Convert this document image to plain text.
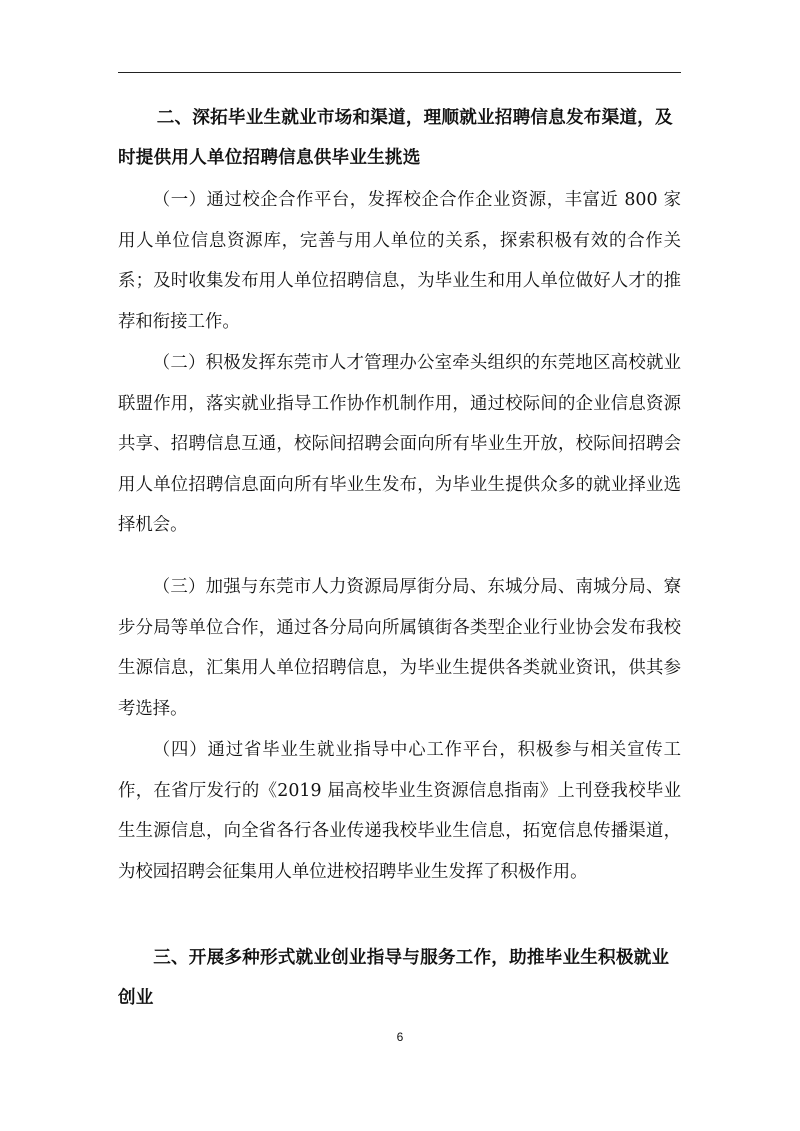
二、深拓毕业生就业市场和渠道，理顺就业招聘信息发布渠道，及时提供用人单位招聘信息供毕业生挑选

（一）通过校企合作平台，发挥校企合作企业资源，丰富近 800 家用人单位信息资源库，完善与用人单位的关系，探索积极有效的合作关系；及时收集发布用人单位招聘信息，为毕业生和用人单位做好人才的推荐和衔接工作。

（二）积极发挥东莞市人才管理办公室牵头组织的东莞地区高校就业联盟作用，落实就业指导工作协作机制作用，通过校际间的企业信息资源共享、招聘信息互通，校际间招聘会面向所有毕业生开放，校际间招聘会用人单位招聘信息面向所有毕业生发布，为毕业生提供众多的就业择业选择机会。

（三）加强与东莞市人力资源局厚街分局、东城分局、南城分局、寮步分局等单位合作，通过各分局向所属镇街各类型企业行业协会发布我校生源信息，汇集用人单位招聘信息，为毕业生提供各类就业资讯，供其参考选择。

（四）通过省毕业生就业指导中心工作平台，积极参与相关宣传工作，在省厅发行的《2019 届高校毕业生资源信息指南》上刊登我校毕业生生源信息，向全省各行各业传递我校毕业生信息，拓宽信息传播渠道，为校园招聘会征集用人单位进校招聘毕业生发挥了积极作用。

三、开展多种形式就业创业指导与服务工作，助推毕业生积极就业创业

6
